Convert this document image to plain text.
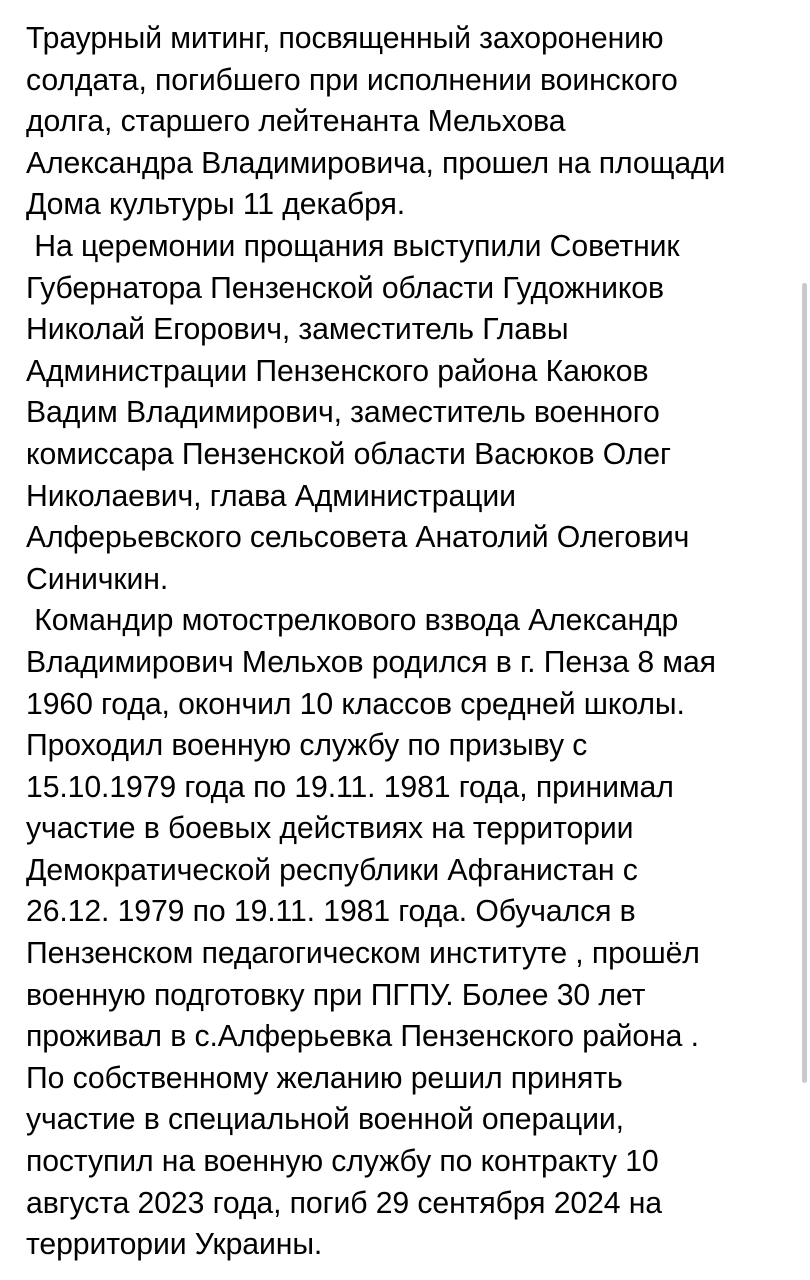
Траурный митинг, посвященный захоронению
солдата, погибшего при исполнении воинского
долга, старшего лейтенанта Мельхова
Александра Владимировича, прошел на площади
Дома культуры 11 декабря.
На церемонии прощания выступили Советник
Губернатора Пензенской области Гудожников
Николай Егорович, заместитель Главы
Администрации Пензенского района Каюков
Вадим Владимирович, заместитель военного
комиссара Пензенской области Васюков Олег
Николаевич, глава Администрации
Алферьевского сельсовета Анатолий Олегович
Синичкин.
Командир мотострелкового взвода Александр
Владимирович Мельхов родился в г. Пенза 8 мая
1960 года, окончил 10 классов средней школы.
Проходил военную службу по призыву с
15.10.1979 года по 19.11. 1981 года, принимал
участие в боевых действиях на территории
Демократической республики Афганистан с
26.12. 1979 по 19.11. 1981 года. Обучался в
Пензенском педагогическом институте , прошёл
военную подготовку при ПГПУ. Более 30 лет
проживал в с.Алферьевка Пензенского района .
По собственному желанию решил принять
участие в специальной военной операции,
поступил на военную службу по контракту 10
августа 2023 года, погиб 29 сентября 2024 на
территории Украины.
